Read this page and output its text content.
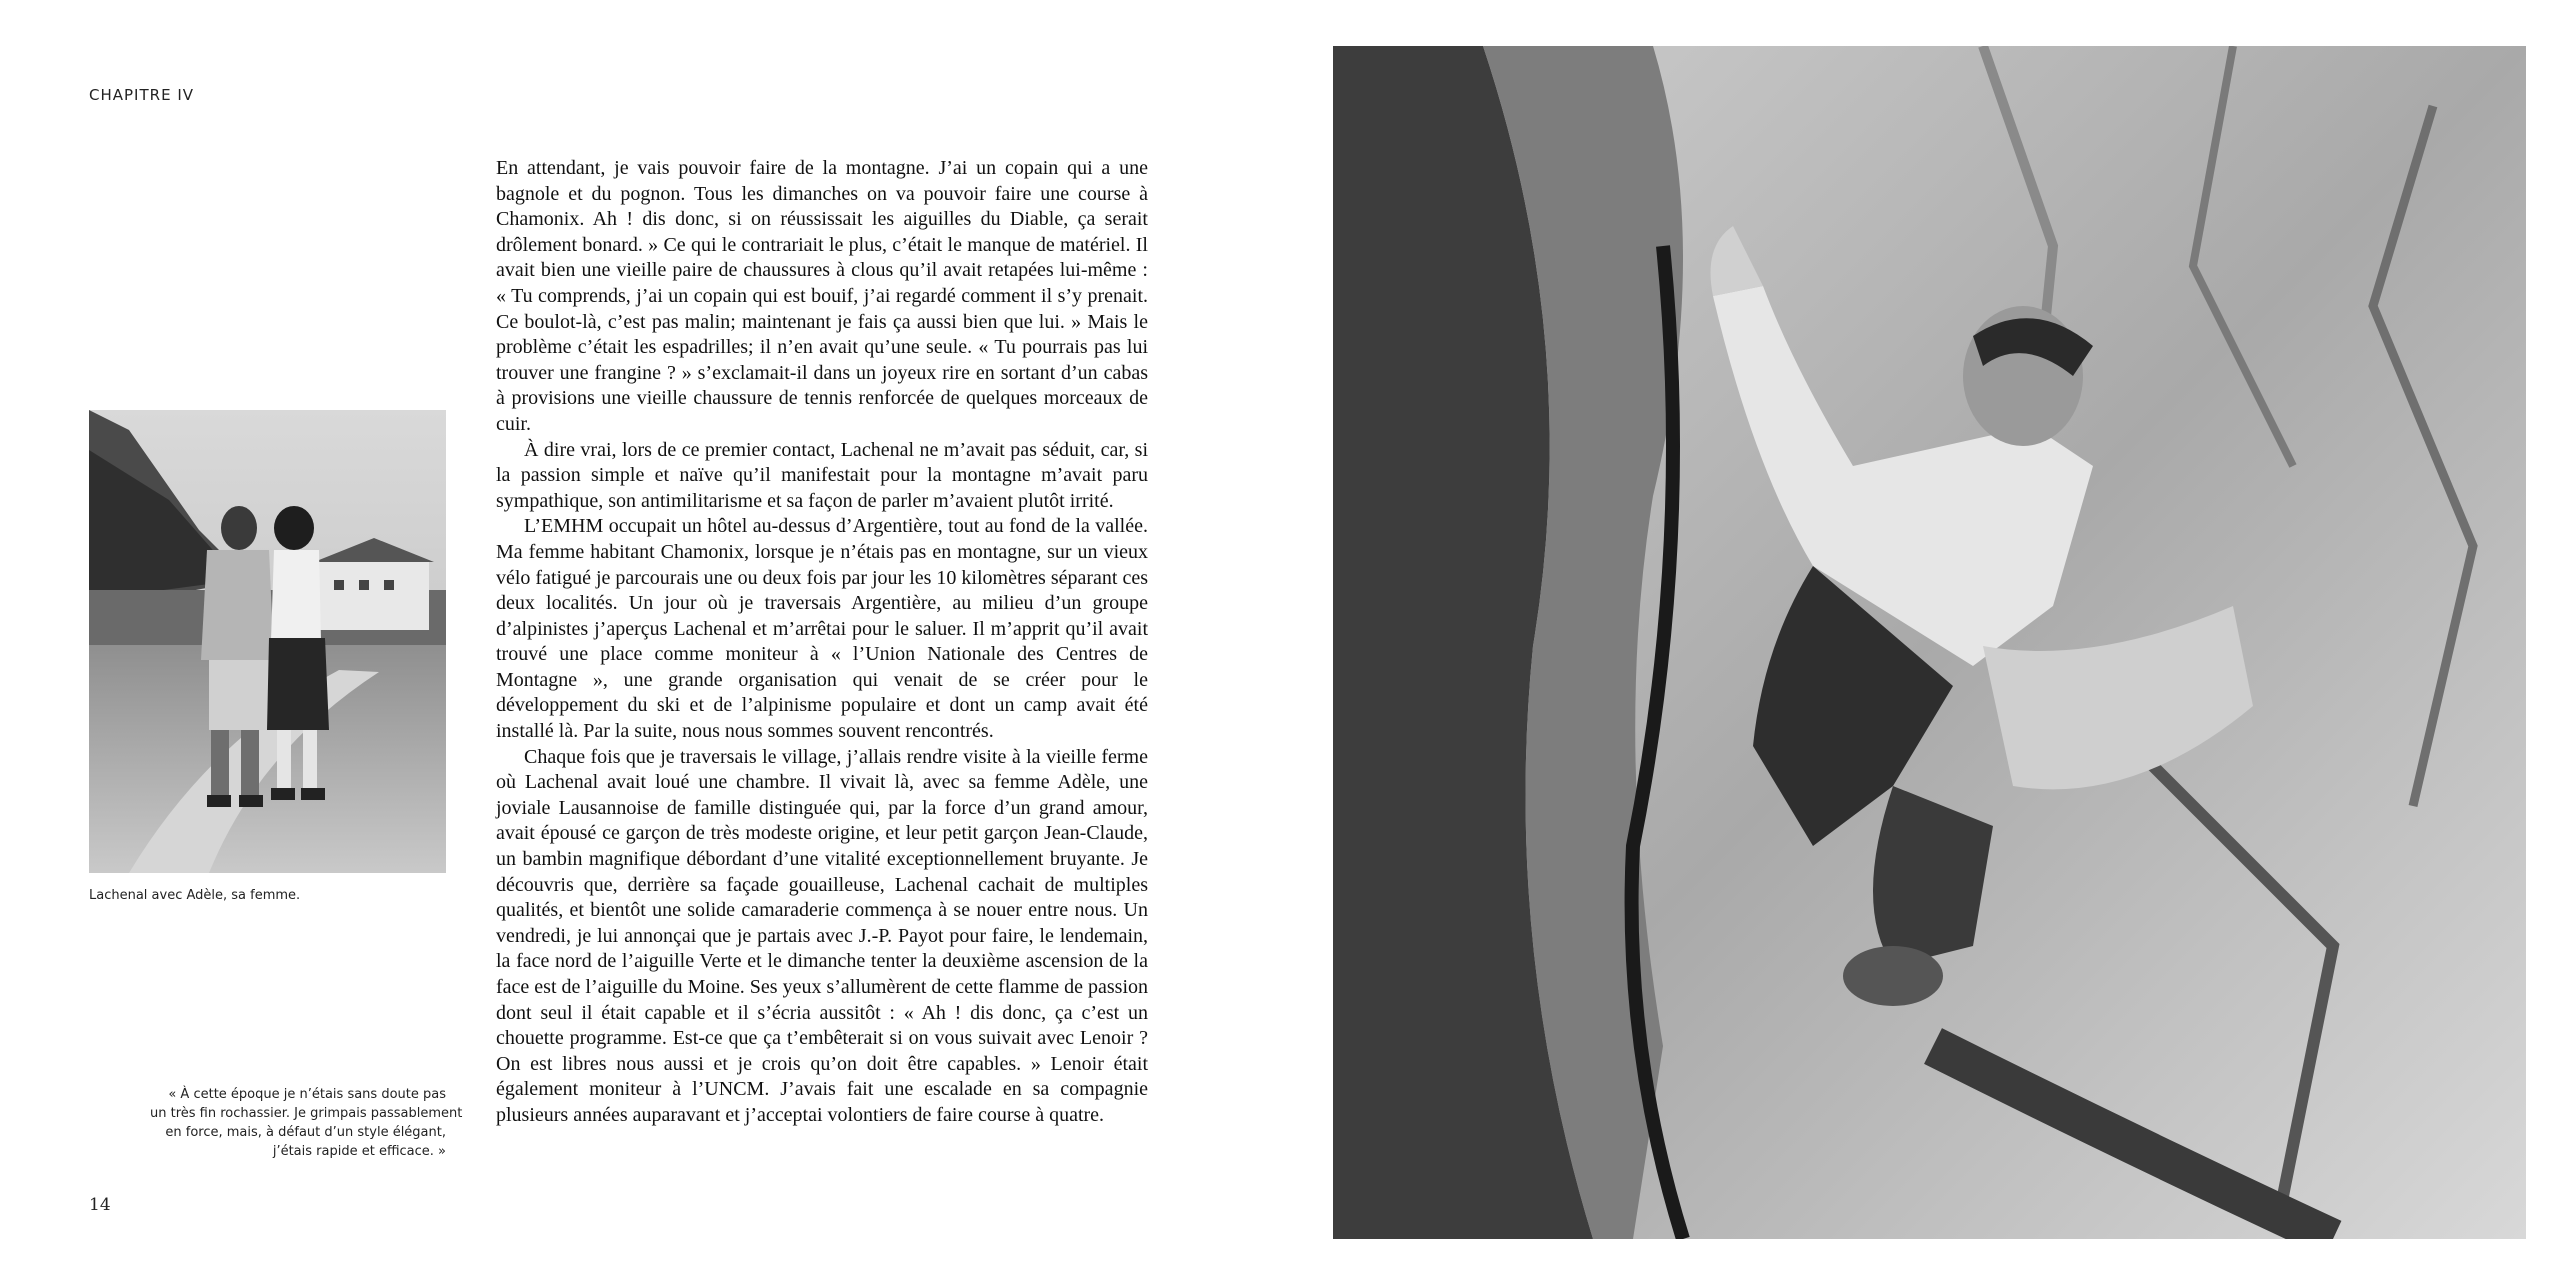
CHAPITRE IV
Lachenal avec Adèle, sa femme.
« À cette époque je n’étais sans doute pas
un très fin rochassier. Je grimpais passablement
en force, mais, à défaut d’un style élégant,
j’étais rapide et efficace. »
14

En attendant, je vais pouvoir faire de la montagne. J’ai un copain qui a une bagnole et du pognon. Tous les dimanches on va pouvoir faire une course à Chamonix. Ah ! dis donc, si on réussissait les aiguilles du Diable, ça serait drôlement bonard. » Ce qui le contrariait le plus, c’était le manque de matériel. Il avait bien une vieille paire de chaussures à clous qu’il avait retapées lui-même : « Tu comprends, j’ai un copain qui est bouif, j’ai regardé comment il s’y prenait. Ce boulot-là, c’est pas malin; maintenant je fais ça aussi bien que lui. » Mais le problème c’était les espadrilles; il n’en avait qu’une seule. « Tu pourrais pas lui trouver une frangine ? » s’exclamait-il dans un joyeux rire en sortant d’un cabas à provisions une vieille chaussure de tennis renforcée de quelques morceaux de cuir.

À dire vrai, lors de ce premier contact, Lachenal ne m’avait pas séduit, car, si la passion simple et naïve qu’il manifestait pour la montagne m’avait paru sympathique, son antimilitarisme et sa façon de parler m’avaient plutôt irrité.

L’EMHM occupait un hôtel au-dessus d’Argentière, tout au fond de la vallée. Ma femme habitant Chamonix, lorsque je n’étais pas en montagne, sur un vieux vélo fatigué je parcourais une ou deux fois par jour les 10 kilomètres séparant ces deux localités. Un jour où je traversais Argentière, au milieu d’un groupe d’alpinistes j’aperçus Lachenal et m’arrêtai pour le saluer. Il m’apprit qu’il avait trouvé une place comme moniteur à « l’Union Nationale des Centres de Montagne », une grande organisation qui venait de se créer pour le développement du ski et de l’alpinisme populaire et dont un camp avait été installé là. Par la suite, nous nous sommes souvent rencontrés.

Chaque fois que je traversais le village, j’allais rendre visite à la vieille ferme où Lachenal avait loué une chambre. Il vivait là, avec sa femme Adèle, une joviale Lausannoise de famille distinguée qui, par la force d’un grand amour, avait épousé ce garçon de très modeste origine, et leur petit garçon Jean-Claude, un bambin magnifique débordant d’une vitalité exceptionnellement bruyante. Je découvris que, derrière sa façade gouailleuse, Lachenal cachait de multiples qualités, et bientôt une solide camaraderie commença à se nouer entre nous. Un vendredi, je lui annonçai que je partais avec J.-P. Payot pour faire, le lendemain, la face nord de l’aiguille Verte et le dimanche tenter la deuxième ascension de la face est de l’aiguille du Moine. Ses yeux s’allumèrent de cette flamme de passion dont seul il était capable et il s’écria aussitôt : « Ah ! dis donc, ça c’est un chouette programme. Est-ce que ça t’embêterait si on vous suivait avec Lenoir ? On est libres nous aussi et je crois qu’on doit être capables. » Lenoir était également moniteur à l’UNCM. J’avais fait une escalade en sa compagnie plusieurs années auparavant et j’acceptai volontiers de faire course à quatre.
